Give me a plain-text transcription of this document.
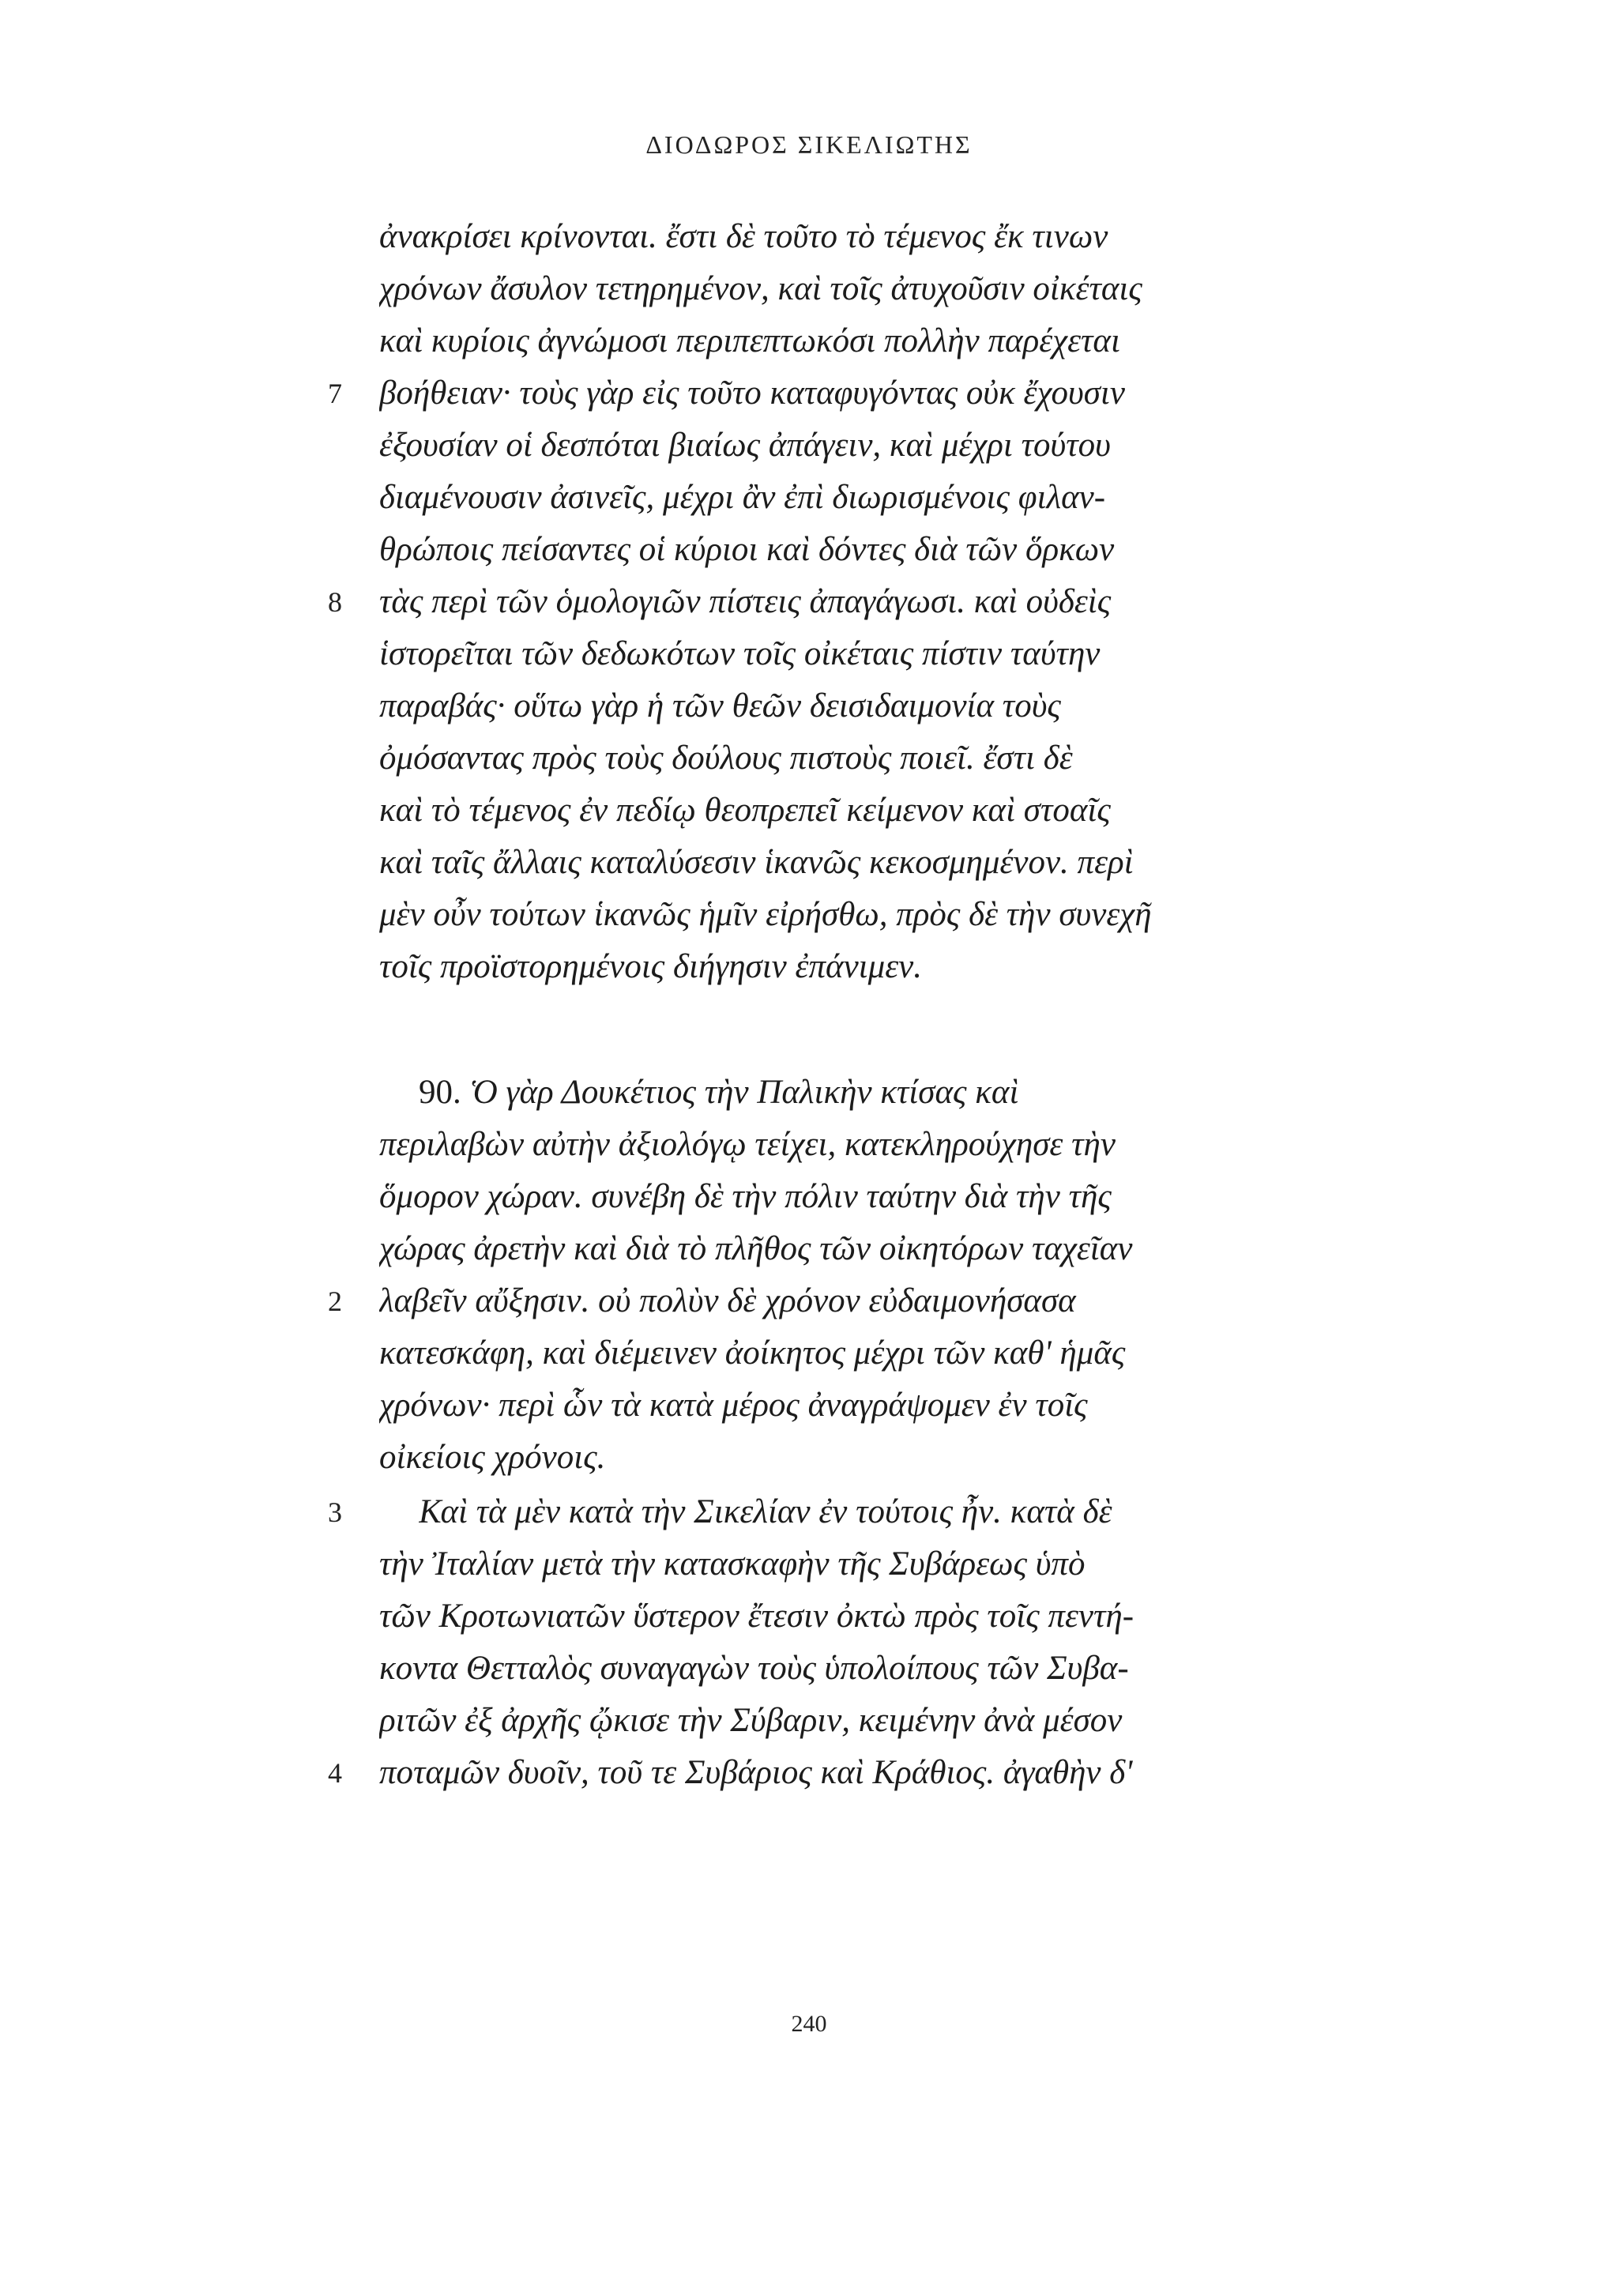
ΔΙΟΔΩΡΟΣ ΣΙΚΕΛΙΩΤΗΣ
ἀνακρίσει κρίνονται. ἔστι δὲ τοῦτο τὸ τέμενος ἔκ τινων
χρόνων ἄσυλον τετηρημένον, καὶ τοῖς ἀτυχοῦσιν οἰκέταις
καὶ κυρίοις ἀγνώμοσι περιπεπτωκόσι πολλὴν παρέχεται
7 βοήθειαν· τοὺς γὰρ εἰς τοῦτο καταφυγόντας οὐκ ἔχουσιν
ἐξουσίαν οἱ δεσπόται βιαίως ἀπάγειν, καὶ μέχρι τούτου
διαμένουσιν ἀσινεῖς, μέχρι ἂν ἐπὶ διωρισμένοις φιλαν-
θρώποις πείσαντες οἱ κύριοι καὶ δόντες διὰ τῶν ὅρκων
8 τὰς περὶ τῶν ὁμολογιῶν πίστεις ἀπαγάγωσι. καὶ οὐδεὶς
ἱστορεῖται τῶν δεδωκότων τοῖς οἰκέταις πίστιν ταύτην
παραβάς· οὕτω γὰρ ἡ τῶν θεῶν δεισιδαιμονία τοὺς
ὀμόσαντας πρὸς τοὺς δούλους πιστοὺς ποιεῖ. ἔστι δὲ
καὶ τὸ τέμενος ἐν πεδίῳ θεοπρεπεῖ κείμενον καὶ στοαῖς
καὶ ταῖς ἄλλαις καταλύσεσιν ἱκανῶς κεκοσμημένον. περὶ
μὲν οὖν τούτων ἱκανῶς ἡμῖν εἰρήσθω, πρὸς δὲ τὴν συνεχῆ
τοῖς προϊστορημένοις διήγησιν ἐπάνιμεν.
90. Ὁ γὰρ Δουκέτιος τὴν Παλικὴν κτίσας καὶ
περιλαβὼν αὐτὴν ἀξιολόγῳ τείχει, κατεκληρούχησε τὴν
ὅμορον χώραν. συνέβη δὲ τὴν πόλιν ταύτην διὰ τὴν τῆς
χώρας ἀρετὴν καὶ διὰ τὸ πλῆθος τῶν οἰκητόρων ταχεῖαν
2 λαβεῖν αὔξησιν. οὐ πολὺν δὲ χρόνον εὐδαιμονήσασα
κατεσκάφη, καὶ διέμεινεν ἀοίκητος μέχρι τῶν καθ' ἡμᾶς
χρόνων· περὶ ὧν τὰ κατὰ μέρος ἀναγράψομεν ἐν τοῖς
οἰκείοις χρόνοις.
3 Καὶ τὰ μὲν κατὰ τὴν Σικελίαν ἐν τούτοις ἦν. κατὰ δὲ
τὴν Ἰταλίαν μετὰ τὴν κατασκαφὴν τῆς Συβάρεως ὑπὸ
τῶν Κροτωνιατῶν ὕστερον ἔτεσιν ὀκτὼ πρὸς τοῖς πεντή-
κοντα Θετταλὸς συναγαγὼν τοὺς ὑπολοίπους τῶν Συβα-
ριτῶν ἐξ ἀρχῆς ᾤκισε τὴν Σύβαριν, κειμένην ἀνὰ μέσον
4 ποταμῶν δυοῖν, τοῦ τε Συβάριος καὶ Κράθιος. ἀγαθὴν δ'
240
